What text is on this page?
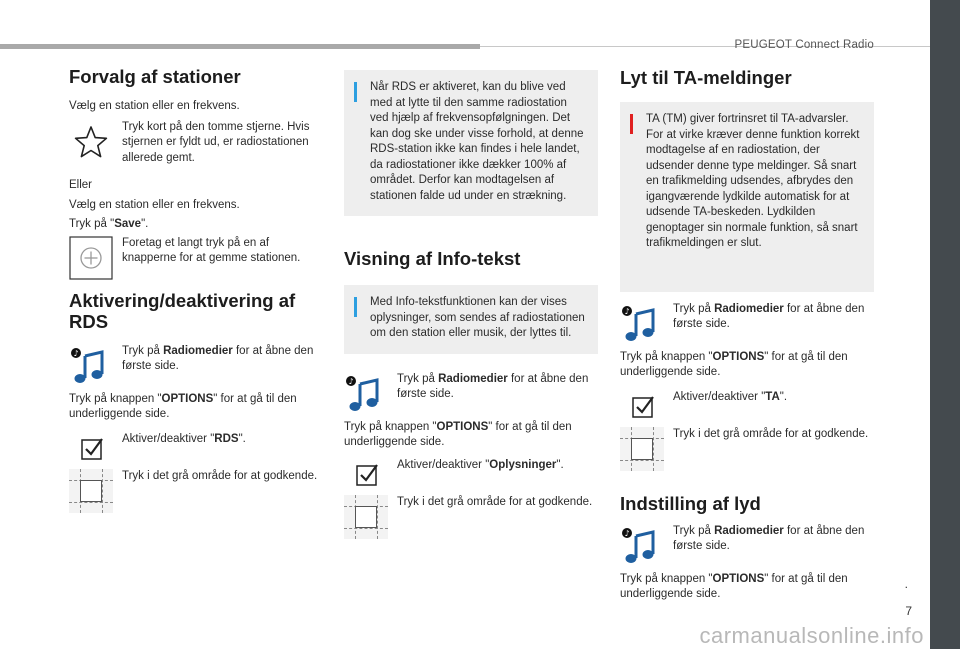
PEUGEOT Connect Radio
Forvalg af stationer

Vælg en station eller en frekvens.

Tryk kort på den tomme stjerne. Hvis stjernen er fyldt ud, er radiostationen allerede gemt.

Eller

Vælg en station eller en frekvens.

Tryk på "Save".

Foretag et langt tryk på en af knapperne for at gemme stationen.

Aktivering/deaktivering af RDS
♪	Tryk på Radiomedier for at åbne den første side.

Tryk på knappen "OPTIONS" for at gå til den underliggende side.

Aktiver/deaktiver "RDS".

Tryk i det grå område for at godkende.

Når RDS er aktiveret, kan du blive ved med at lytte til den samme radiostation ved hjælp af frekvensopfølgningen. Det kan dog ske under visse forhold, at denne RDS-station ikke kan findes i hele landet, da radiostationer ikke dækker 100% af området. Derfor kan modtagelsen af stationen falde ud under en strækning.

Visning af Info-tekst

Med Info-tekstfunktionen kan der vises oplysninger, som sendes af radiostationen om den station eller musik, der lyttes til.

♪	Tryk på Radiomedier for at åbne den første side.

Tryk på knappen "OPTIONS" for at gå til den underliggende side.

Aktiver/deaktiver "Oplysninger".

Tryk i det grå område for at godkende.

Lyt til TA-meldinger

TA (TM) giver fortrinsret til TA-advarsler. For at virke kræver denne funktion korrekt modtagelse af en radiostation, der udsender denne type meldinger. Så snart en trafikmelding udsendes, afbrydes den igangværende lydkilde automatisk for at udsende TA-beskeden. Lydkilden genoptager sin normale funktion, så snart trafikmeldingen er slut.

♪	Tryk på Radiomedier for at åbne den første side.

Tryk på knappen "OPTIONS" for at gå til den underliggende side.

Aktiver/deaktiver "TA".

Tryk i det grå område for at godkende.

Indstilling af lyd
♪	Tryk på Radiomedier for at åbne den første side.

Tryk på knappen "OPTIONS" for at gå til den underliggende side.

.
7
carmanualsonline.info
